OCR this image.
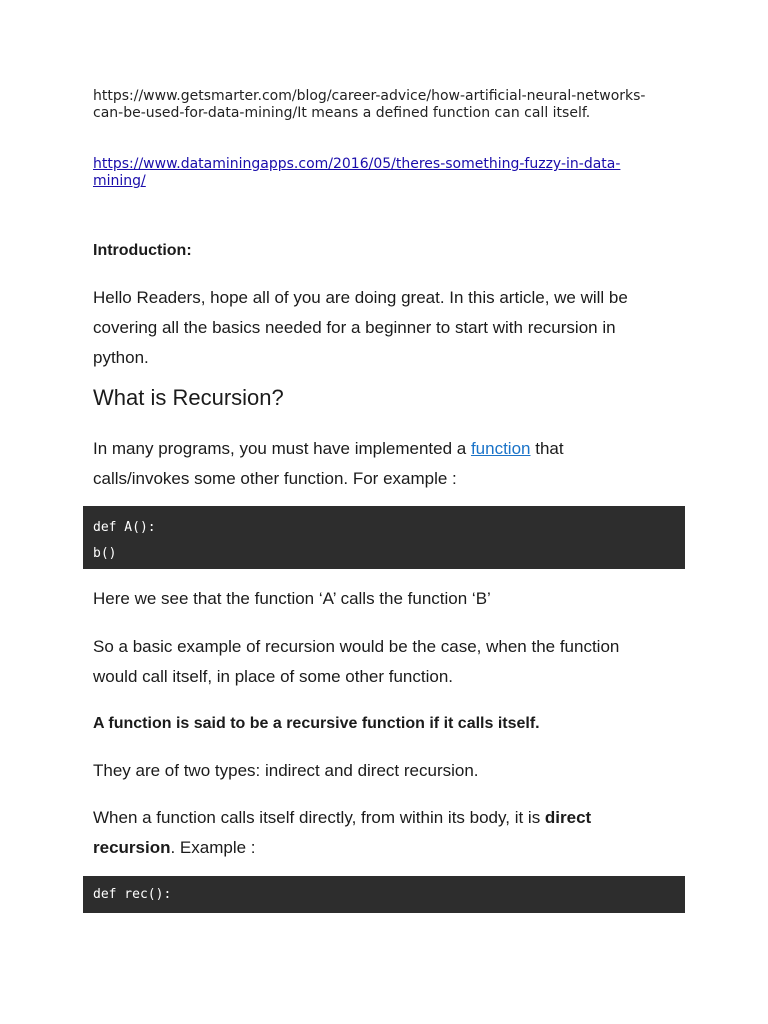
https://www.getsmarter.com/blog/career-advice/how-artificial-neural-networks-can-be-used-for-data-mining/It means a defined function can call itself.

https://www.dataminingapps.com/2016/05/theres-something-fuzzy-in-data-mining/

Introduction:

Hello Readers, hope all of you are doing great. In this article, we will be covering all the basics needed for a beginner to start with recursion in python.

What is Recursion?

In many programs, you must have implemented a function that calls/invokes some other function. For example :

def A():
b()

Here we see that the function ‘A’ calls the function ‘B’

So a basic example of recursion would be the case, when the function would call itself, in place of some other function.

A function is said to be a recursive function if it calls itself.

They are of two types: indirect and direct recursion.

When a function calls itself directly, from within its body, it is direct recursion. Example :

def rec():
